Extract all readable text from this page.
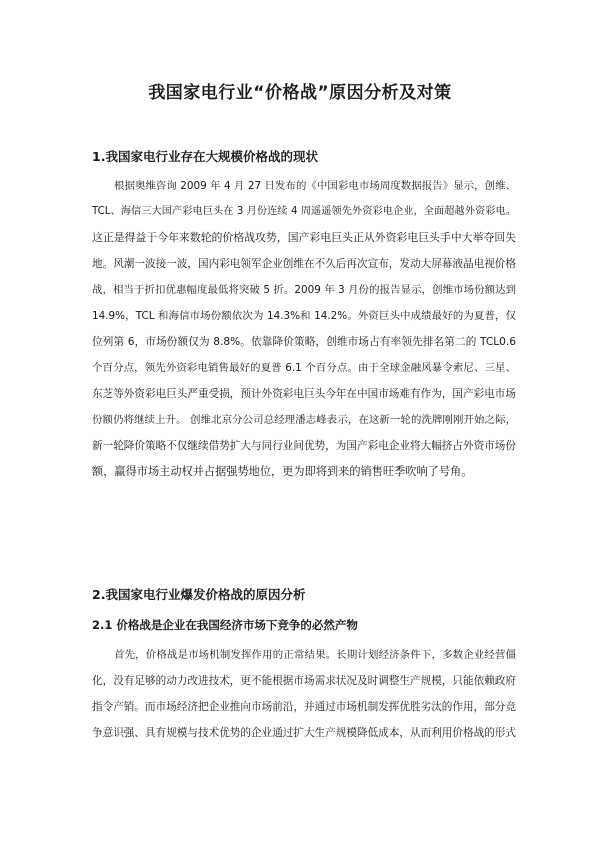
我国家电行业“价格战”原因分析及对策
1.我国家电行业存在大规模价格战的现状
根据奥维咨询 2009 年 4 月 27 日发布的《中国彩电市场周度数据报告》显示，创维、
TCL、海信三大国产彩电巨头在 3 月份连续 4 周遥遥领先外资彩电企业，全面超越外资彩电。
这正是得益于今年来数轮的价格战攻势，国产彩电巨头正从外资彩电巨头手中大举夺回失
地。风潮一波接一波，国内彩电领军企业创维在不久后再次宣布，发动大屏幕液晶电视价格
战，相当于折扣优惠幅度最低将突破 5 折。2009 年 3 月份的报告显示，创维市场份额达到
14.9%，TCL 和海信市场份额依次为 14.3%和 14.2%。外资巨头中成绩最好的为夏普，仅
位列第 6，市场份额仅为 8.8%。依靠降价策略，创维市场占有率领先排名第二的 TCL0.6
个百分点，领先外资彩电销售最好的夏普 6.1 个百分点。由于全球金融风暴令索尼、三星、
东芝等外资彩电巨头严重受损，预计外资彩电巨头今年在中国市场难有作为，国产彩电市场
份额仍将继续上升。 创维北京分公司总经理潘志峰表示，在这新一轮的洗牌刚刚开始之际，
新一轮降价策略不仅继续借势扩大与同行业间优势，为国产彩电企业将大幅挤占外资市场份
额，赢得市场主动权并占据强势地位，更为即将到来的销售旺季吹响了号角。
2.我国家电行业爆发价格战的原因分析
2.1 价格战是企业在我国经济市场下竞争的必然产物
首先，价格战是市场机制发挥作用的正常结果。长期计划经济条件下，多数企业经营僵
化，没有足够的动力改进技术，更不能根据市场需求状况及时调整生产规模，只能依赖政府
指令产销。而市场经济把企业推向市场前沿，并通过市场机制发挥优胜劣汰的作用，部分竞
争意识强、具有规模与技术优势的企业通过扩大生产规模降低成本，从而利用价格战的形式
